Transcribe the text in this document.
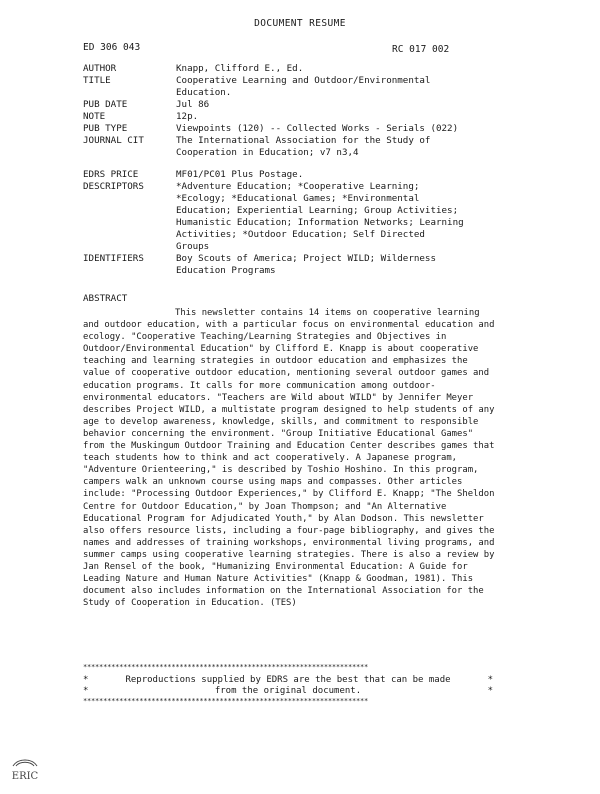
DOCUMENT RESUME
ED 306 043	RC 017 002
AUTHOR	Knapp, Clifford E., Ed.
TITLE	Cooperative Learning and Outdoor/Environmental
Education.
PUB DATE	Jul 86
NOTE	12p.
PUB TYPE	Viewpoints (120) -- Collected Works - Serials (022)
JOURNAL CIT	The International Association for the Study of
Cooperation in Education; v7 n3,4
EDRS PRICE	MF01/PC01 Plus Postage.
DESCRIPTORS	*Adventure Education; *Cooperative Learning;
*Ecology; *Educational Games; *Environmental
Education; Experiential Learning; Group Activities;
Humanistic Education; Information Networks; Learning
Activities; *Outdoor Education; Self Directed
Groups
IDENTIFIERS	Boy Scouts of America; Project WILD; Wilderness
Education Programs
ABSTRACT
This newsletter contains 14 items on cooperative learning and outdoor education, with a particular focus on environmental education and ecology. "Cooperative Teaching/Learning Strategies and Objectives in Outdoor/Environmental Education" by Clifford E. Knapp is about cooperative teaching and learning strategies in outdoor education and emphasizes the value of cooperative outdoor education, mentioning several outdoor games and education programs. It calls for more communication among outdoor-environmental educators. "Teachers are Wild about WILD" by Jennifer Meyer describes Project WILD, a multistate program designed to help students of any age to develop awareness, knowledge, skills, and commitment to responsible behavior concerning the environment. "Group Initiative Educational Games" from the Muskingum Outdoor Training and Education Center describes games that teach students how to think and act cooperatively. A Japanese program, "Adventure Orienteering," is described by Toshio Hoshino. In this program, campers walk an unknown course using maps and compasses. Other articles include: "Processing Outdoor Experiences," by Clifford E. Knapp; "The Sheldon Centre for Outdoor Education," by Joan Thompson; and "An Alternative Educational Program for Adjudicated Youth," by Alan Dodson. This newsletter also offers resource lists, including a four-page bibliography, and gives the names and addresses of training workshops, environmental living programs, and summer camps using cooperative learning strategies. There is also a review by Jan Rensel of the book, "Humanizing Environmental Education: A Guide for Leading Nature and Human Nature Activities" (Knapp & Goodman, 1981). This document also includes information on the International Association for the Study of Cooperation in Education. (TES)
***********************************************************************
*	Reproductions supplied by EDRS are the best that can be made	*
*	from the original document.	*
***********************************************************************
ERIC
